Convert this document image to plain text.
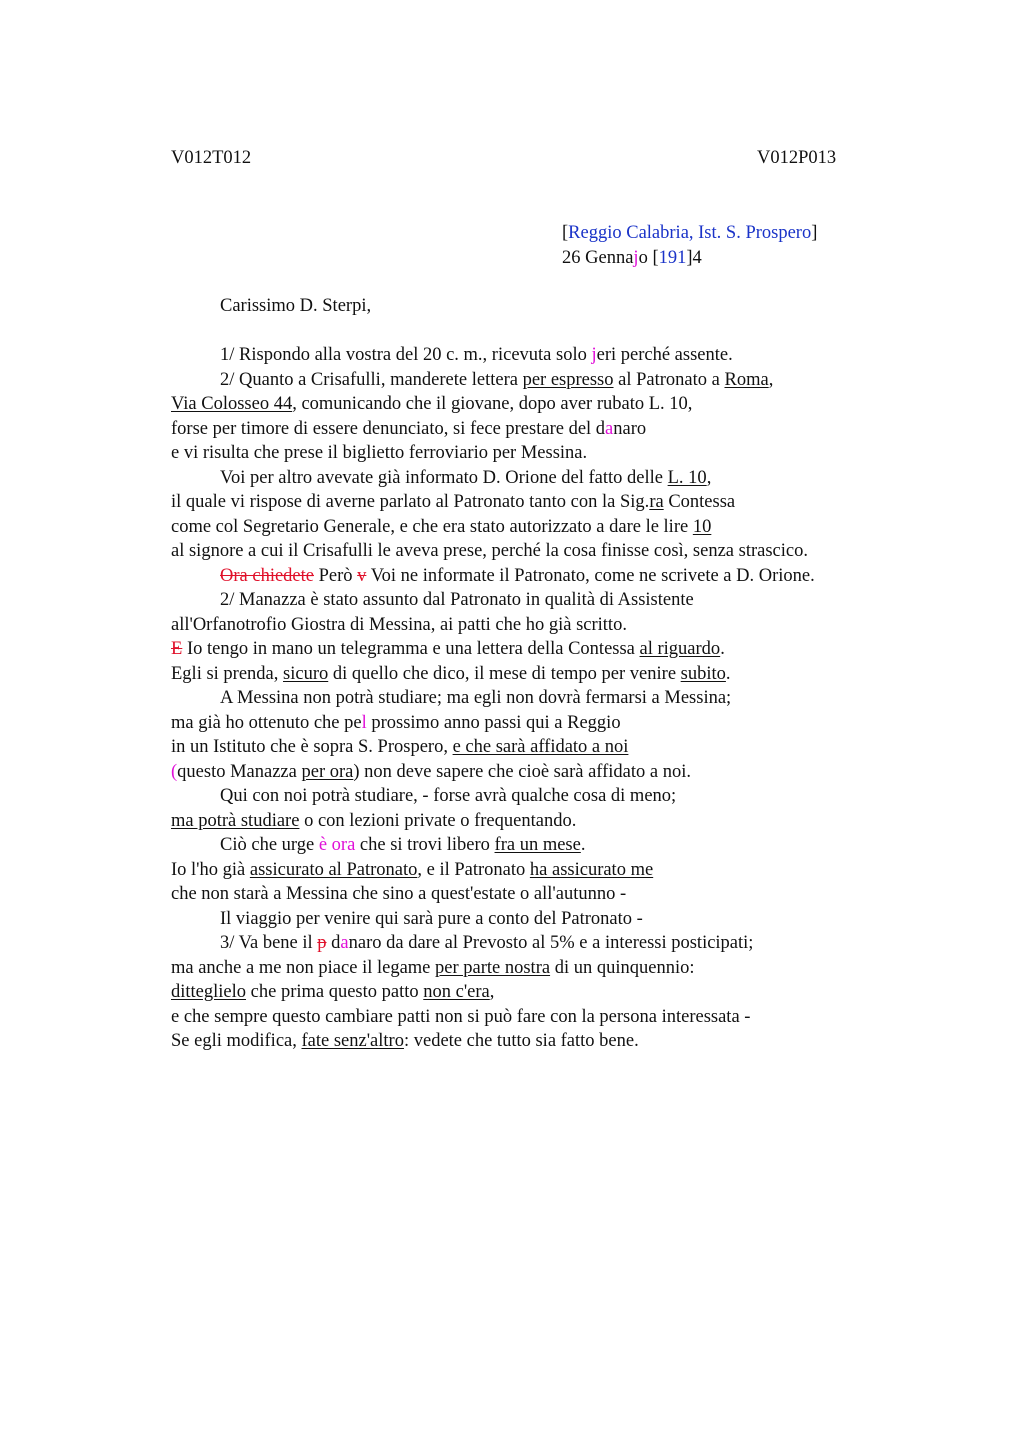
V012T012	V012P013
[Reggio Calabria, Ist. S. Prospero]
26 Gennajo [191]4
Carissimo D. Sterpi,
1/ Rispondo alla vostra del 20 c. m., ricevuta solo jeri perché assente.
2/ Quanto a Crisafulli, manderete lettera per espresso al Patronato a Roma,
Via Colosseo 44, comunicando che il giovane, dopo aver rubato L. 10,
forse per timore di essere denunciato, si fece prestare del danaro
e vi risulta che prese il biglietto ferroviario per Messina.
Voi per altro avevate già informato D. Orione del fatto delle L. 10,
il quale vi rispose di averne parlato al Patronato tanto con la Sig.ra Contessa
come col Segretario Generale, e che era stato autorizzato a dare le lire 10
al signore a cui il Crisafulli le aveva prese, perché la cosa finisse così, senza strascico.
Ora chiedete Però v Voi ne informate il Patronato, come ne scrivete a D. Orione.
2/ Manazza è stato assunto dal Patronato in qualità di Assistente
all'Orfanotrofio Giostra di Messina, ai patti che ho già scritto.
E Io tengo in mano un telegramma e una lettera della Contessa al riguardo.
Egli si prenda, sicuro di quello che dico, il mese di tempo per venire subito.
A Messina non potrà studiare; ma egli non dovrà fermarsi a Messina;
ma già ho ottenuto che pel prossimo anno passi qui a Reggio
in un Istituto che è sopra S. Prospero, e che sarà affidato a noi
(questo Manazza per ora) non deve sapere che cioè sarà affidato a noi.
Qui con noi potrà studiare, - forse avrà qualche cosa di meno;
ma potrà studiare o con lezioni private o frequentando.
Ciò che urge è ora che si trovi libero fra un mese.
Io l'ho già assicurato al Patronato, e il Patronato ha assicurato me
che non starà a Messina che sino a quest'estate o all'autunno -
Il viaggio per venire qui sarà pure a conto del Patronato -
3/ Va bene il p danaro da dare al Prevosto al 5% e a interessi posticipati;
ma anche a me non piace il legame per parte nostra di un quinquennio:
ditteglielo che prima questo patto non c'era,
e che sempre questo cambiare patti non si può fare con la persona interessata -
Se egli modifica, fate senz'altro: vedete che tutto sia fatto bene.
